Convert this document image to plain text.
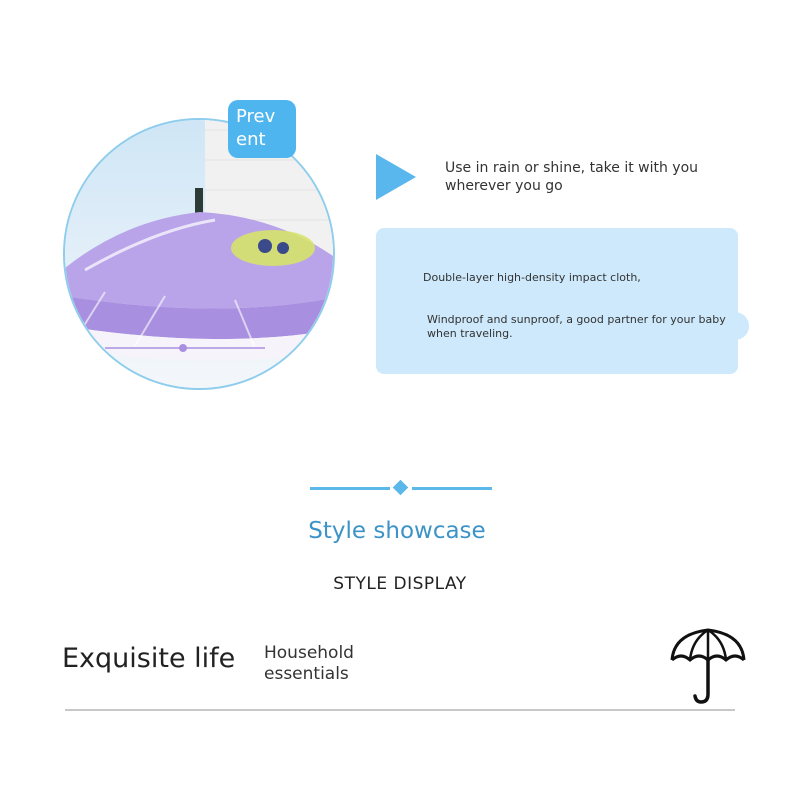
Prev
ent
Use in rain or shine, take it with you wherever you go
Double-layer high-density impact cloth,
Windproof and sunproof, a good partner for your baby when traveling.
Style showcase
STYLE DISPLAY
Exquisite life Household essentials
